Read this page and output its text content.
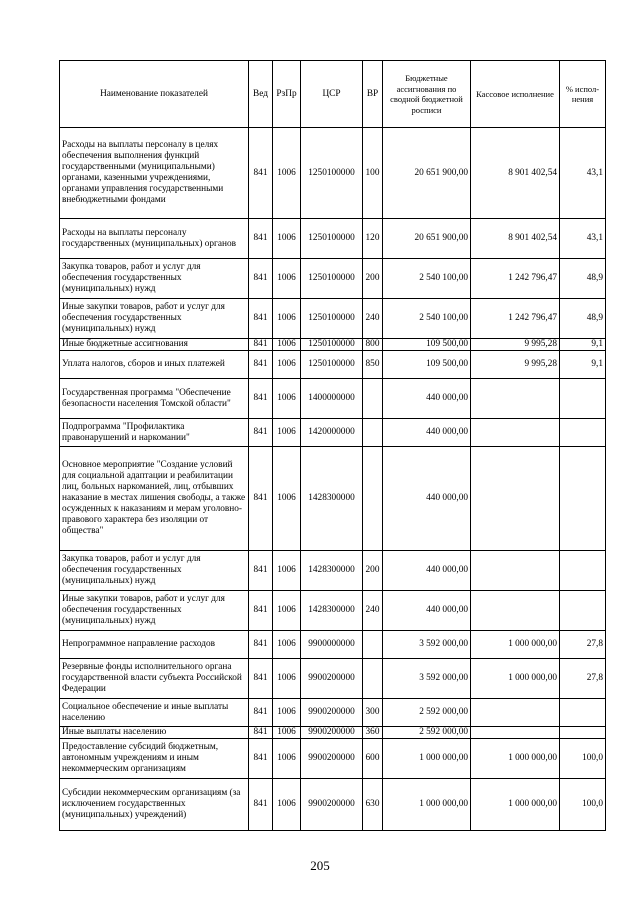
Наименование показателей	Вед	РзПр	ЦСР	ВР	Бюджетные ассигнования по сводной бюджетной росписи	Кассовое исполнение	% испол-нения
Расходы на выплаты персоналу в целях обеспечения выполнения функций государственными (муниципальными) органами, казенными учреждениями, органами управления государственными внебюджетными фондами	841	1006	1250100000	100	20 651 900,00	8 901 402,54	43,1
Расходы на выплаты персоналу государственных (муниципальных) органов	841	1006	1250100000	120	20 651 900,00	8 901 402,54	43,1
Закупка товаров, работ и услуг для обеспечения государственных (муниципальных) нужд	841	1006	1250100000	200	2 540 100,00	1 242 796,47	48,9
Иные закупки товаров, работ и услуг для обеспечения государственных (муниципальных) нужд	841	1006	1250100000	240	2 540 100,00	1 242 796,47	48,9
Иные бюджетные ассигнования	841	1006	1250100000	800	109 500,00	9 995,28	9,1
Уплата налогов, сборов и иных платежей	841	1006	1250100000	850	109 500,00	9 995,28	9,1
Государственная программа "Обеспечение безопасности населения Томской области"	841	1006	1400000000		440 000,00		
Подпрограмма "Профилактика правонарушений и наркомании"	841	1006	1420000000		440 000,00		
Основное мероприятие "Создание условий для социальной адаптации и реабилитации лиц, больных наркоманией, лиц, отбывших наказание в местах лишения свободы, а также осужденных к наказаниям и мерам уголовно-правового характера без изоляции от общества"	841	1006	1428300000		440 000,00		
Закупка товаров, работ и услуг для обеспечения государственных (муниципальных) нужд	841	1006	1428300000	200	440 000,00		
Иные закупки товаров, работ и услуг для обеспечения государственных (муниципальных) нужд	841	1006	1428300000	240	440 000,00		
Непрограммное направление расходов	841	1006	9900000000		3 592 000,00	1 000 000,00	27,8
Резервные фонды исполнительного органа государственной власти субъекта Российской Федерации	841	1006	9900200000		3 592 000,00	1 000 000,00	27,8
Социальное обеспечение и иные выплаты населению	841	1006	9900200000	300	2 592 000,00		
Иные выплаты населению	841	1006	9900200000	360	2 592 000,00		
Предоставление субсидий бюджетным, автономным учреждениям и иным некоммерческим организациям	841	1006	9900200000	600	1 000 000,00	1 000 000,00	100,0
Субсидии некоммерческим организациям (за исключением государственных (муниципальных) учреждений)	841	1006	9900200000	630	1 000 000,00	1 000 000,00	100,0
205
